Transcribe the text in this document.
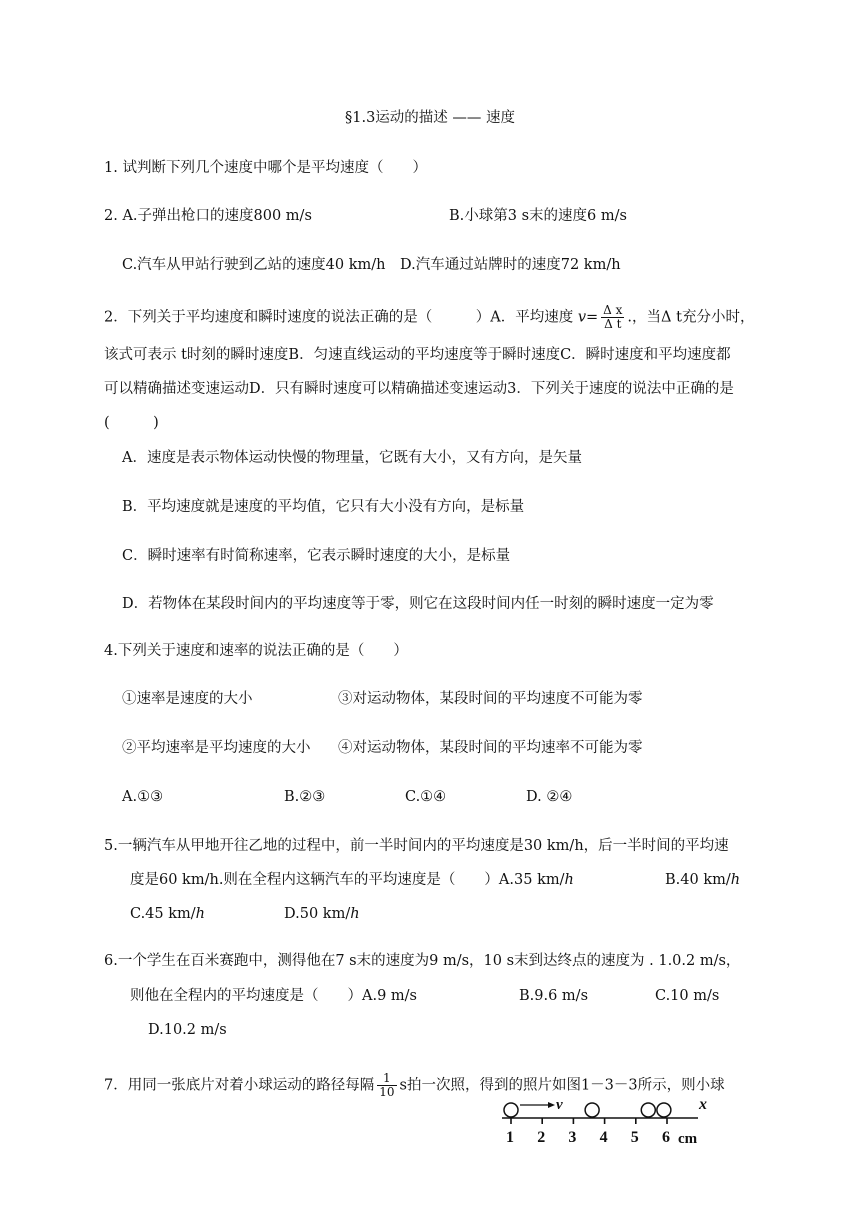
§1.3运动的描述 —— 速度
1. 试判断下列几个速度中哪个是平均速度（　　）
2. A.子弹出枪口的速度800 m/s	B.小球第3 s末的速度6 m/s
C.汽车从甲站行驶到乙站的速度40 km/h　D.汽车通过站牌时的速度72 km/h
2．下列关于平均速度和瞬时速度的说法正确的是（　　　）A．平均速度 $v= \frac{\text{Δ x}}{\text{Δ t}}$ .，当Δ t充分小时，
该式可表示 t时刻的瞬时速度B．匀速直线运动的平均速度等于瞬时速度C．瞬时速度和平均速度都
可以精确描述变速运动D．只有瞬时速度可以精确描述变速运动3．下列关于速度的说法中正确的是
(　　　)
A．速度是表示物体运动快慢的物理量，它既有大小，又有方向，是矢量
B．平均速度就是速度的平均值，它只有大小没有方向，是标量
C．瞬时速率有时简称速率，它表示瞬时速度的大小，是标量
D．若物体在某段时间内的平均速度等于零，则它在这段时间内任一时刻的瞬时速度一定为零
4.下列关于速度和速率的说法正确的是（　　）
①速率是速度的大小	③对运动物体，某段时间的平均速度不可能为零
②平均速率是平均速度的大小 ④对运动物体，某段时间的平均速率不可能为零
A.①③	B.②③	C.①④	D. ②④
5.一辆汽车从甲地开往乙地的过程中，前一半时间内的平均速度是30 km/h，后一半时间的平均速
度是60 km/h.则在全程内这辆汽车的平均速度是（　　）A.35 km/h	B.40 km/h
C.45 km/h	D.50 km/h
6.一个学生在百米赛跑中，测得他在7 s末的速度为9 m/s，10 s末到达终点的速度为 . 1.0.2 m/s，
则他在全程内的平均速度是（　　）A.9 m/s	B.9.6 m/s	C.10 m/s
D.10.2 m/s
7．用同一张底片对着小球运动的路径每隔 $\frac{1}{10}$ s拍一次照，得到的照片如图1－3－3所示，则小球
x
v
1 2 3 4 5 6 cm
